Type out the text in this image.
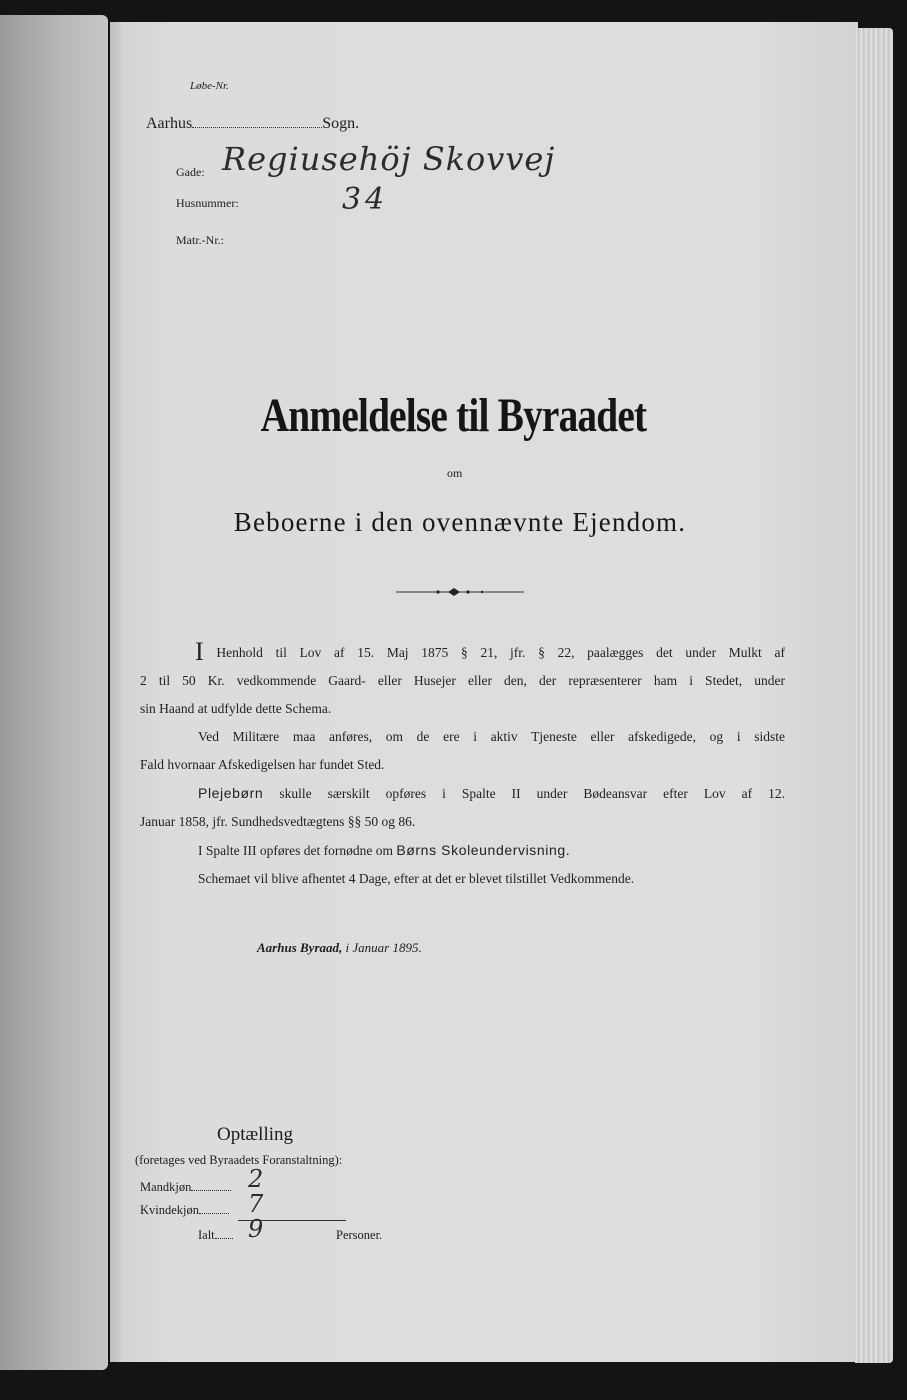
Løbe-Nr.
Aarhus	Sogn.
Gade: Regiusehöj Skovvej
Husnummer:	34
Matr.-Nr.:
Anmeldelse til Byraadet
om
Beboerne i den ovennævnte Ejendom.
I Henhold til Lov af 15. Maj 1875 § 21, jfr. § 22, paalægges det under Mulkt af
2 til 50 Kr. vedkommende Gaard- eller Husejer eller den, der repræsenterer ham i Stedet, under
sin Haand at udfylde dette Schema.
Ved Militære maa anføres, om de ere i aktiv Tjeneste eller afskedigede, og i sidste
Fald hvornaar Afskedigelsen har fundet Sted.
Plejebørn skulle særskilt opføres i Spalte II under Bødeansvar efter Lov af 12.
Januar 1858, jfr. Sundhedsvedtægtens §§ 50 og 86.
I Spalte III opføres det fornødne om Børns Skoleundervisning.
Schemaet vil blive afhentet 4 Dage, efter at det er blevet tilstillet Vedkommende.
Aarhus Byraad, i Januar 1895.
Optælling
(foretages ved Byraadets Foranstaltning):
Mandkjøn	2
Kvindekjøn	7
Ialt	9	Personer.
